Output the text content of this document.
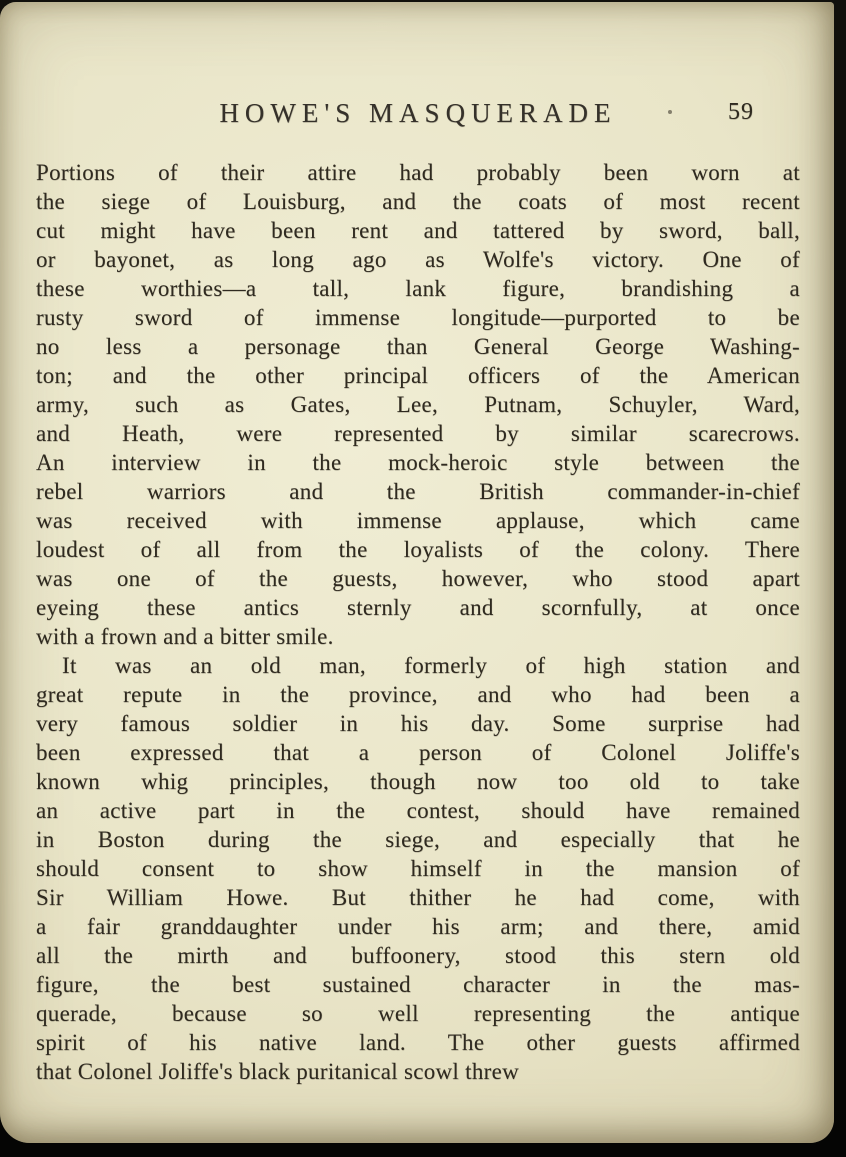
HOWE'S MASQUERADE	59
Portions of their attire had probably been worn at
the siege of Louisburg, and the coats of most recent
cut might have been rent and tattered by sword, ball,
or bayonet, as long ago as Wolfe's victory. One of
these worthies—a tall, lank figure, brandishing a
rusty sword of immense longitude—purported to be
no less a personage than General George Washing-
ton; and the other principal officers of the American
army, such as Gates, Lee, Putnam, Schuyler, Ward,
and Heath, were represented by similar scarecrows.
An interview in the mock-heroic style between the
rebel warriors and the British commander-in-chief
was received with immense applause, which came
loudest of all from the loyalists of the colony. There
was one of the guests, however, who stood apart
eyeing these antics sternly and scornfully, at once
with a frown and a bitter smile.
It was an old man, formerly of high station and
great repute in the province, and who had been a
very famous soldier in his day. Some surprise had
been expressed that a person of Colonel Joliffe's
known whig principles, though now too old to take
an active part in the contest, should have remained
in Boston during the siege, and especially that he
should consent to show himself in the mansion of
Sir William Howe. But thither he had come, with
a fair granddaughter under his arm; and there, amid
all the mirth and buffoonery, stood this stern old
figure, the best sustained character in the mas-
querade, because so well representing the antique
spirit of his native land. The other guests affirmed
that Colonel Joliffe's black puritanical scowl threw
